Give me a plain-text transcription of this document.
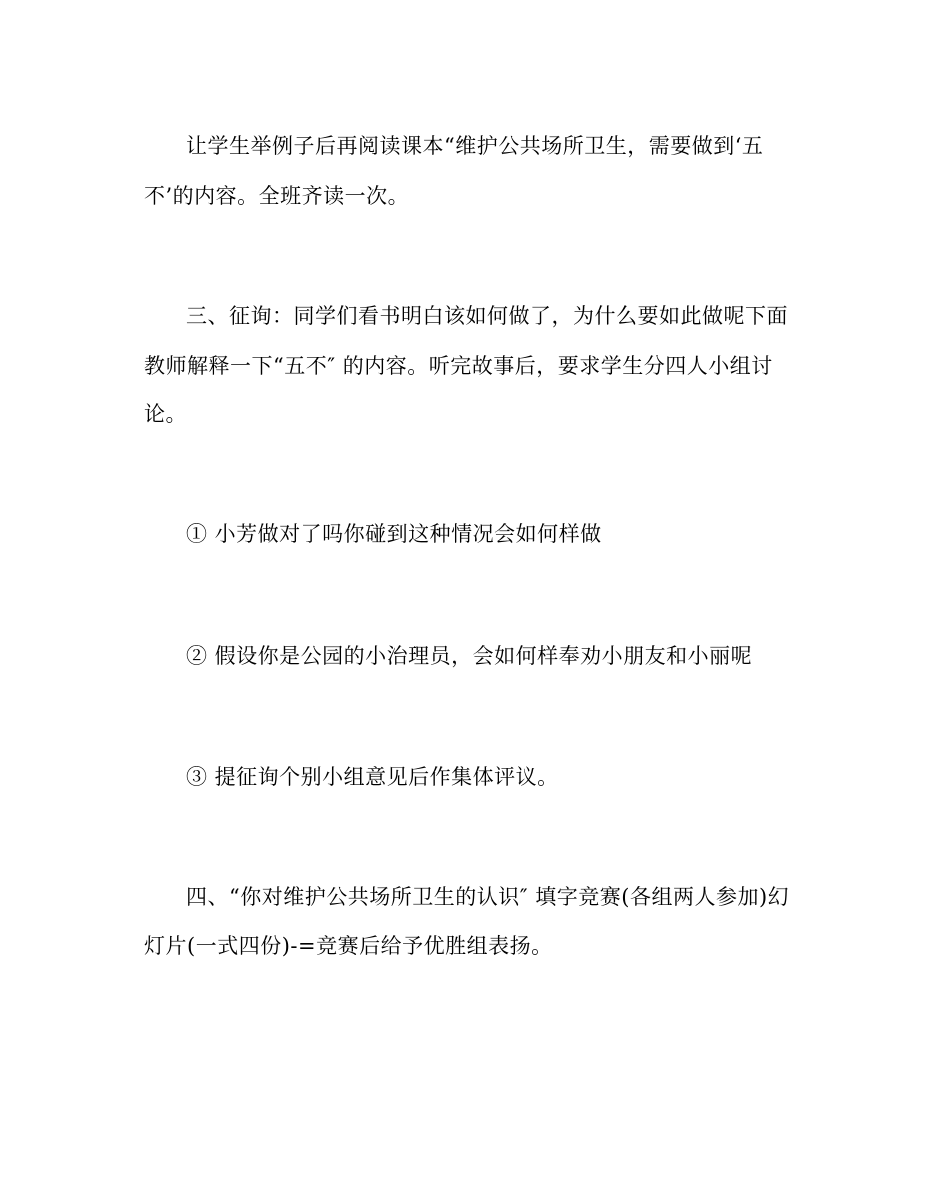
让学生举例子后再阅读课本“维护公共场所卫生，需要做到‘五
不’的内容。全班齐读一次。
三、征询：同学们看书明白该如何做了，为什么要如此做呢下面
教师解释一下“五不″ 的内容。听完故事后，要求学生分四人小组讨
论。
① 小芳做对了吗你碰到这种情况会如何样做
② 假设你是公园的小治理员，会如何样奉劝小朋友和小丽呢
③ 提征询个别小组意见后作集体评议。
四、“你对维护公共场所卫生的认识″ 填字竞赛(各组两人参加)幻
灯片(一式四份)-=竞赛后给予优胜组表扬。
